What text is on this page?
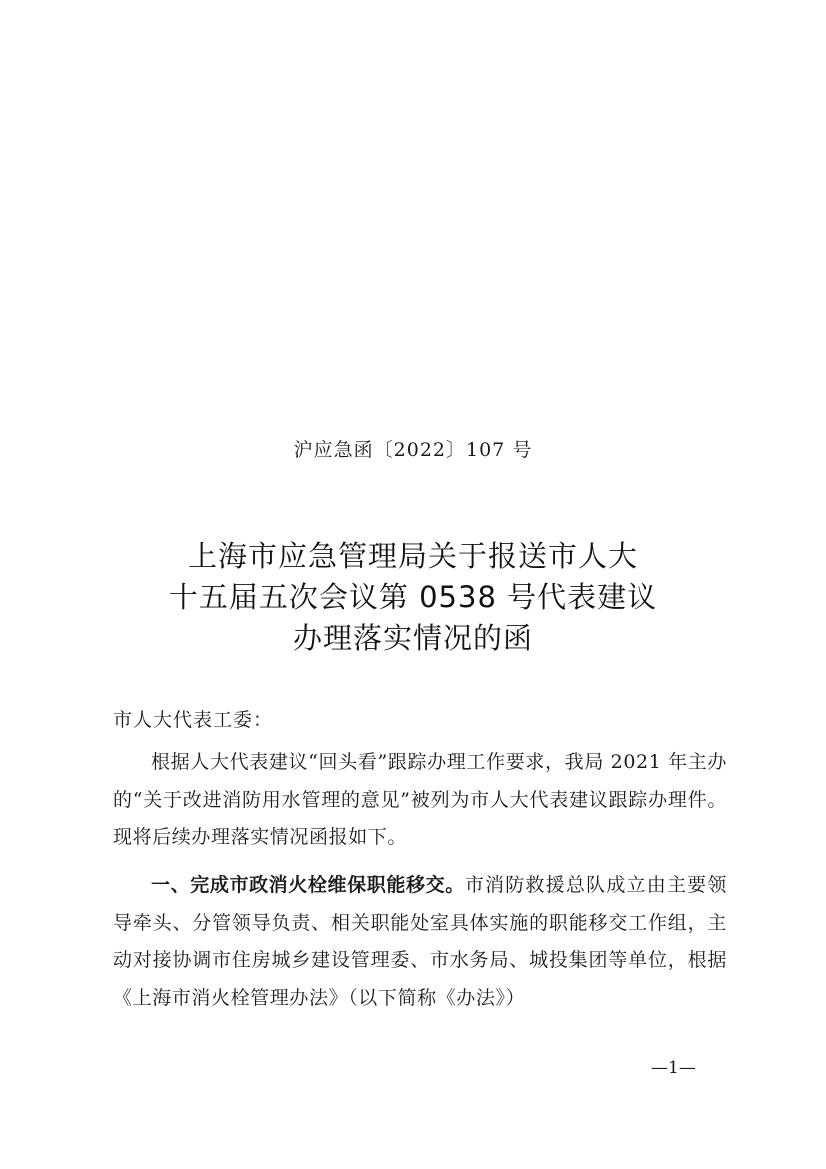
沪应急函〔2022〕107 号
上海市应急管理局关于报送市人大
十五届五次会议第 0538 号代表建议
办理落实情况的函
市人大代表工委：
根据人大代表建议“回头看”跟踪办理工作要求，我局 2021 年主办的“关于改进消防用水管理的意见”被列为市人大代表建议跟踪办理件。现将后续办理落实情况函报如下。
一、完成市政消火栓维保职能移交。市消防救援总队成立由主要领导牵头、分管领导负责、相关职能处室具体实施的职能移交工作组，主动对接协调市住房城乡建设管理委、市水务局、城投集团等单位，根据《上海市消火栓管理办法》（以下简称《办法》）
—1—
